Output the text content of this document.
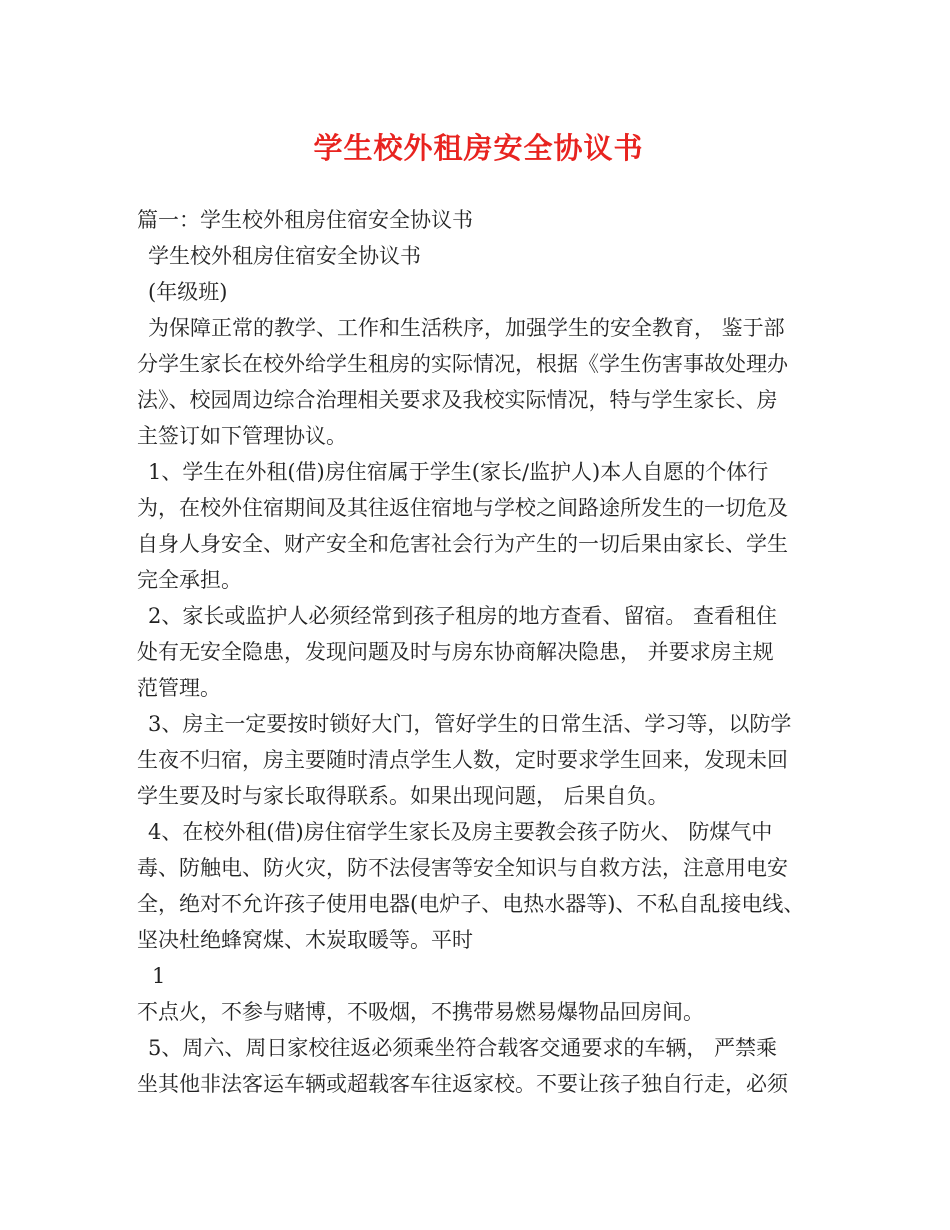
学生校外租房安全协议书
篇一：学生校外租房住宿安全协议书
学生校外租房住宿安全协议书
(年级班)
为保障正常的教学、工作和生活秩序，加强学生的安全教育， 鉴于部
分学生家长在校外给学生租房的实际情况，根据《学生伤害事故处理办
法》、校园周边综合治理相关要求及我校实际情况，特与学生家长、房
主签订如下管理协议。
1、学生在外租(借)房住宿属于学生(家长/监护人)本人自愿的个体行
为，在校外住宿期间及其往返住宿地与学校之间路途所发生的一切危及
自身人身安全、财产安全和危害社会行为产生的一切后果由家长、学生
完全承担。
2、家长或监护人必须经常到孩子租房的地方查看、留宿。 查看租住
处有无安全隐患，发现问题及时与房东协商解决隐患， 并要求房主规
范管理。
3、房主一定要按时锁好大门，管好学生的日常生活、学习等，以防学
生夜不归宿，房主要随时清点学生人数，定时要求学生回来，发现未回
学生要及时与家长取得联系。如果出现问题， 后果自负。
4、在校外租(借)房住宿学生家长及房主要教会孩子防火、 防煤气中
毒、防触电、防火灾，防不法侵害等安全知识与自救方法，注意用电安
全，绝对不允许孩子使用电器(电炉子、电热水器等)、不私自乱接电线、
坚决杜绝蜂窝煤、木炭取暖等。平时
1
不点火，不参与赌博，不吸烟，不携带易燃易爆物品回房间。
5、周六、周日家校往返必须乘坐符合载客交通要求的车辆， 严禁乘
坐其他非法客运车辆或超载客车往返家校。不要让孩子独自行走，必须
